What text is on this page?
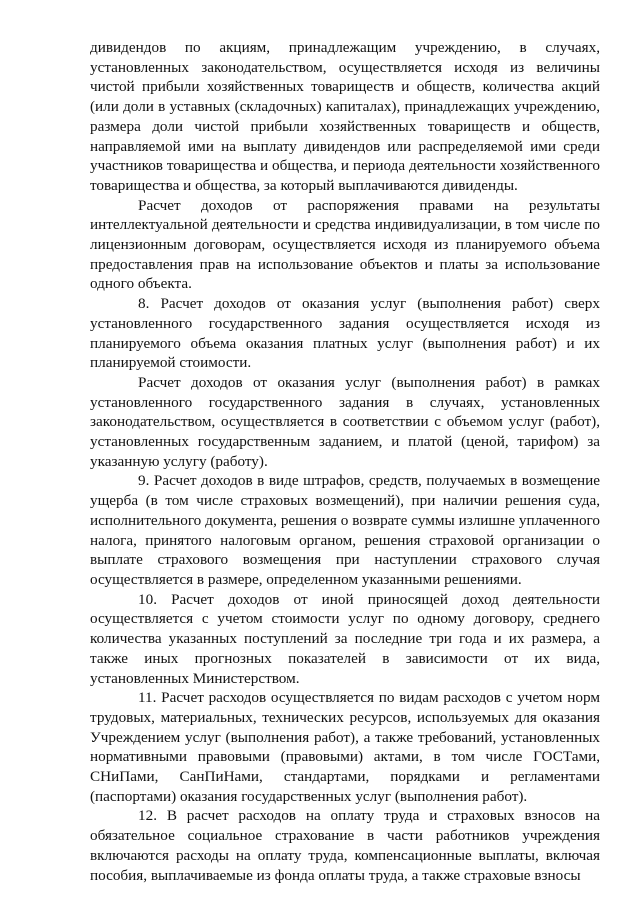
дивидендов по акциям, принадлежащим учреждению, в случаях, установленных законодательством, осуществляется исходя из величины чистой прибыли хозяйственных товариществ и обществ, количества акций (или доли в уставных (складочных) капиталах), принадлежащих учреждению, размера доли чистой прибыли хозяйственных товариществ и обществ, направляемой ими на выплату дивидендов или распределяемой ими среди участников товарищества и общества, и периода деятельности хозяйственного товарищества и общества, за который выплачиваются дивиденды.

Расчет доходов от распоряжения правами на результаты интеллектуальной деятельности и средства индивидуализации, в том числе по лицензионным договорам, осуществляется исходя из планируемого объема предоставления прав на использование объектов и платы за использование одного объекта.

8. Расчет доходов от оказания услуг (выполнения работ) сверх установленного государственного задания осуществляется исходя из планируемого объема оказания платных услуг (выполнения работ) и их планируемой стоимости.

Расчет доходов от оказания услуг (выполнения работ) в рамках установленного государственного задания в случаях, установленных законодательством, осуществляется в соответствии с объемом услуг (работ), установленных государственным заданием, и платой (ценой, тарифом) за указанную услугу (работу).

9. Расчет доходов в виде штрафов, средств, получаемых в возмещение ущерба (в том числе страховых возмещений), при наличии решения суда, исполнительного документа, решения о возврате суммы излишне уплаченного налога, принятого налоговым органом, решения страховой организации о выплате страхового возмещения при наступлении страхового случая осуществляется в размере, определенном указанными решениями.

10. Расчет доходов от иной приносящей доход деятельности осуществляется с учетом стоимости услуг по одному договору, среднего количества указанных поступлений за последние три года и их размера, а также иных прогнозных показателей в зависимости от их вида, установленных Министерством.

11. Расчет расходов осуществляется по видам расходов с учетом норм трудовых, материальных, технических ресурсов, используемых для оказания Учреждением услуг (выполнения работ), а также требований, установленных нормативными правовыми (правовыми) актами, в том числе ГОСТами, СНиПами, СанПиНами, стандартами, порядками и регламентами (паспортами) оказания государственных услуг (выполнения работ).

12. В расчет расходов на оплату труда и страховых взносов на обязательное социальное страхование в части работников учреждения включаются расходы на оплату труда, компенсационные выплаты, включая пособия, выплачиваемые из фонда оплаты труда, а также страховые взносы
